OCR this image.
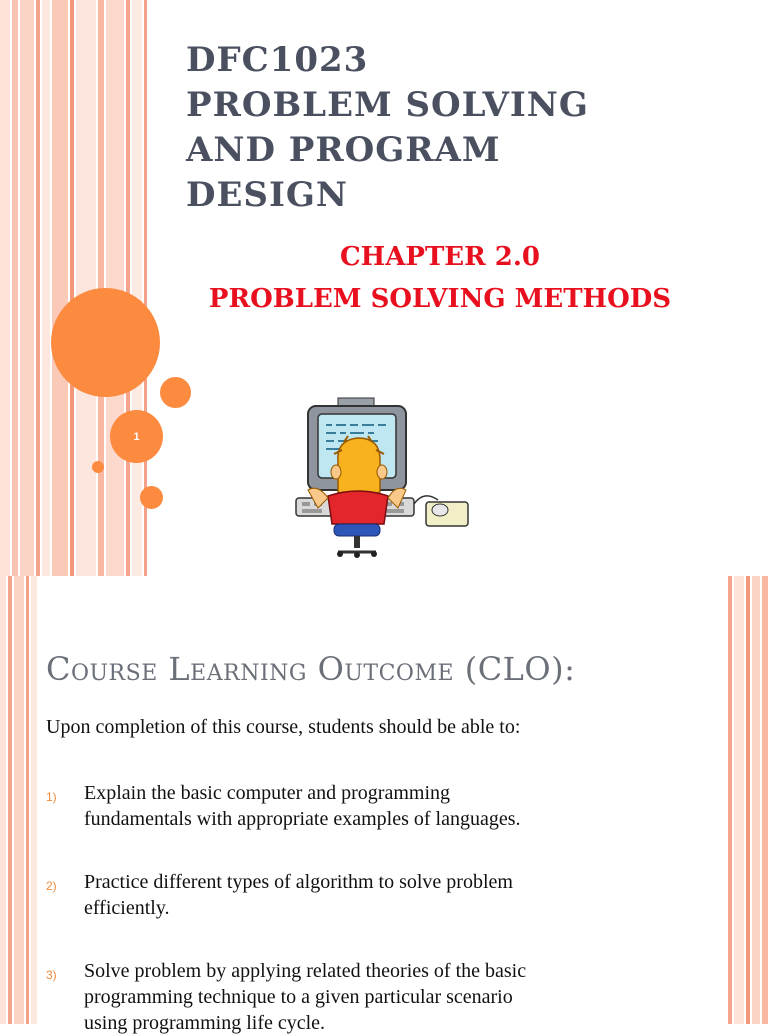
1
DFC1023
PROBLEM SOLVING
AND PROGRAM
DESIGN
CHAPTER 2.0
PROBLEM SOLVING METHODS
Course Learning Outcome (CLO):
Upon completion of this course, students should be able to:
1) Explain the basic computer and programming
fundamentals with appropriate examples of languages.
2) Practice different types of algorithm to solve problem
efficiently.
3) Solve problem by applying related theories of the basic
programming technique to a given particular scenario
using programming life cycle.
